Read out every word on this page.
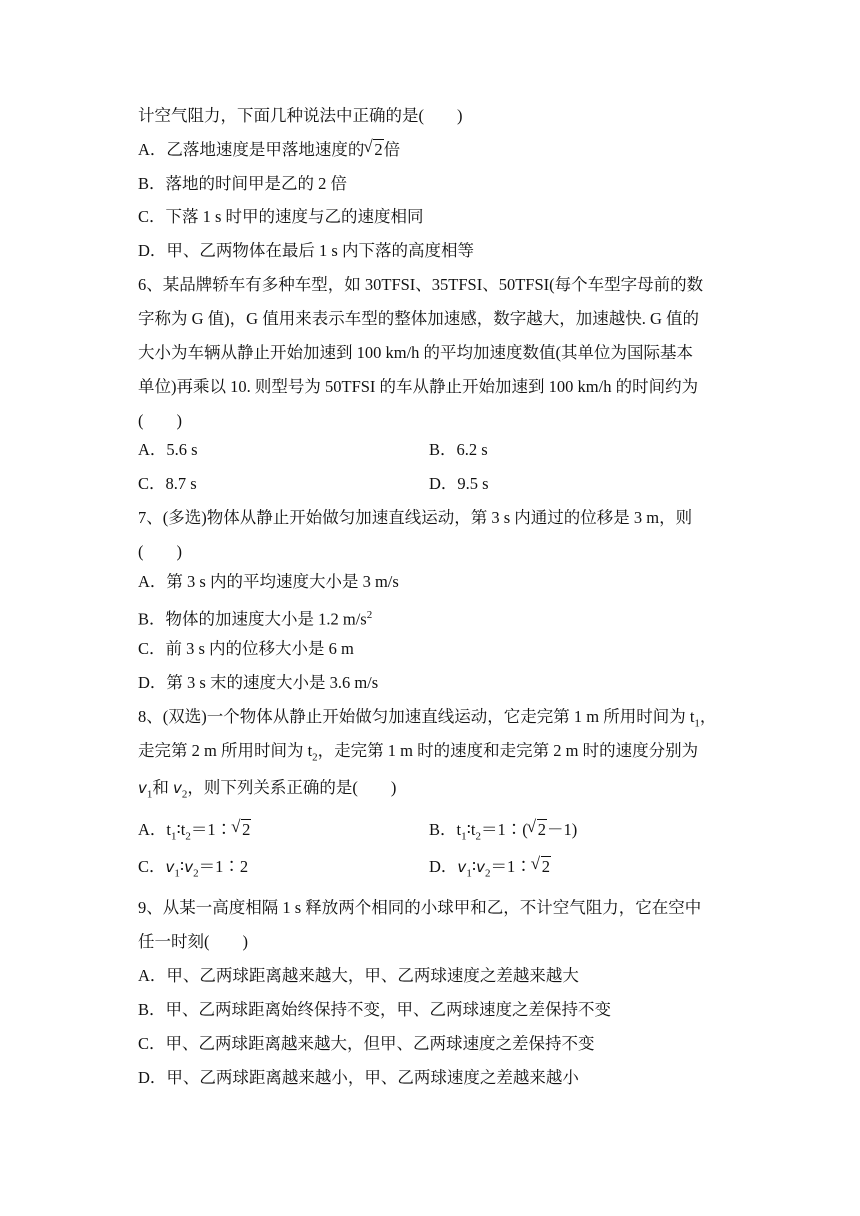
计空气阻力，下面几种说法中正确的是(　　)
A．乙落地速度是甲落地速度的√ 2倍
B．落地的时间甲是乙的 2 倍
C．下落 1 s 时甲的速度与乙的速度相同
D．甲、乙两物体在最后 1 s 内下落的高度相等
6、某品牌轿车有多种车型，如 30TFSI、35TFSI、50TFSI(每个车型字母前的数
字称为 G 值)，G 值用来表示车型的整体加速感，数字越大，加速越快. G 值的
大小为车辆从静止开始加速到 100 km/h 的平均加速度数值(其单位为国际基本
单位)再乘以 10. 则型号为 50TFSI 的车从静止开始加速到 100 km/h 的时间约为
(　　)
A．5.6 s	B．6.2 s
C．8.7 s	D．9.5 s
7、(多选)物体从静止开始做匀加速直线运动，第 3 s 内通过的位移是 3 m，则
(　　)
A．第 3 s 内的平均速度大小是 3 m/s
B．物体的加速度大小是 1.2 $m/s^2$
C．前 3 s 内的位移大小是 6 m
D．第 3 s 末的速度大小是 3.6 m/s
8、(双选)一个物体从静止开始做匀加速直线运动，它走完第 1 m 所用时间为 $t_1$，
走完第 2 m 所用时间为 $t_2$，走完第 1 m 时的速度和走完第 2 m 时的速度分别为
$v_1$和 $v_2$，则下列关系正确的是(　　)
A．$t_1∶t_2=1∶√$ 2	B．$t_1∶t_2=1∶(√$ 2－1)
C．$v_1∶v_2=1∶2$	D．$v_1∶v_2=1∶√$ 2
9、从某一高度相隔 1 s 释放两个相同的小球甲和乙，不计空气阻力，它在空中
任一时刻(　　)
A．甲、乙两球距离越来越大，甲、乙两球速度之差越来越大
B．甲、乙两球距离始终保持不变，甲、乙两球速度之差保持不变
C．甲、乙两球距离越来越大，但甲、乙两球速度之差保持不变
D．甲、乙两球距离越来越小，甲、乙两球速度之差越来越小
